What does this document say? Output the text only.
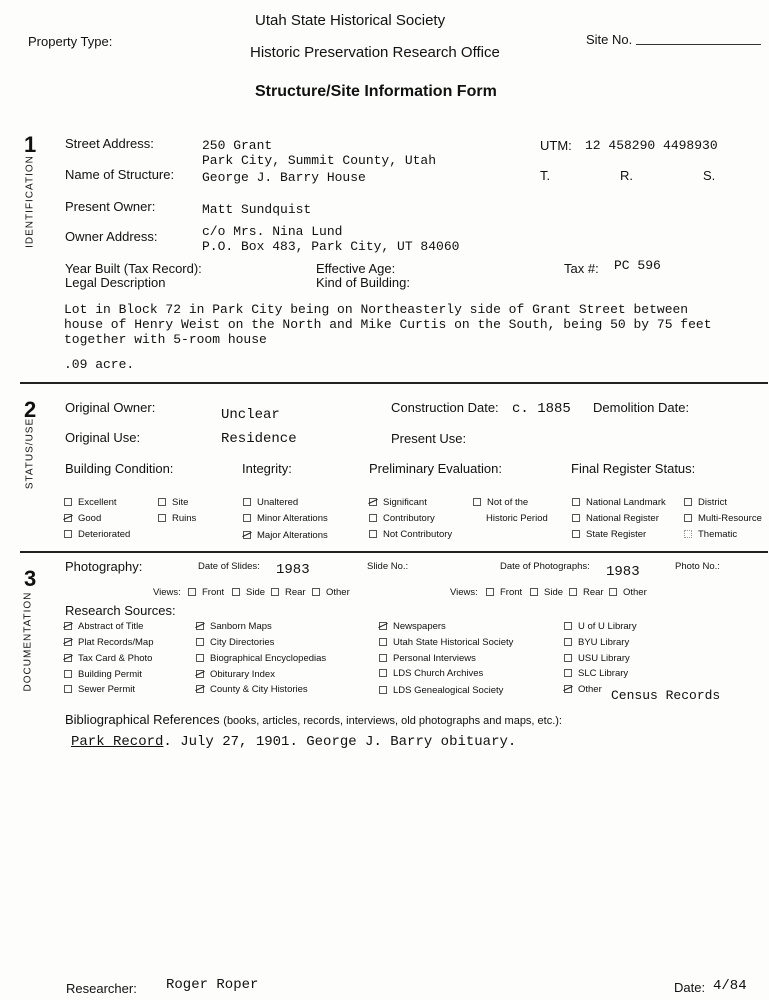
Utah State Historical Society
Historic Preservation Research Office
Property Type:	Site No.
Structure/Site Information Form
1
IDENTIFICATION
Street Address:	250 Grant
Park City, Summit County, Utah
UTM: 12 458290 4498930
Name of Structure: George J. Barry House	T.	R.	S.
Present Owner:	Matt Sundquist
Owner Address:	c/o Mrs. Nina Lund
P.O. Box 483, Park City, UT 84060
Year Built (Tax Record):	Effective Age:	Tax #: PC 596
Legal Description	Kind of Building:
Lot in Block 72 in Park City being on Northeasterly side of Grant Street between
house of Henry Weist on the North and Mike Curtis on the South, being 50 by 75 feet
together with 5-room house
.09 acre.
2
STATUS/USE
Original Owner:	Unclear	Construction Date: c. 1885 Demolition Date:
Original Use:	Residence	Present Use:
Building Condition:	Integrity:	Preliminary Evaluation:	Final Register Status:
Excellent
Good
Deteriorated
Site
Ruins
Unaltered
Minor Alterations
Major Alterations
Significant
Contributory
Not Contributory
Not of the
Historic Period
National Landmark
National Register
State Register
District
Multi-Resource
Thematic
3
DOCUMENTATION
Photography:	Date of Slides: 1983	Slide No.:	Date of Photographs: 1983	Photo No.:
Views:	Front	Side	Rear	Other	Views:	Front	Side	Rear	Other
Research Sources:
Abstract of Title
Plat Records/Map
Tax Card & Photo
Building Permit
Sewer Permit
Sanborn Maps
City Directories
Biographical Encyclopedias
Obiturary Index
County & City Histories
Newspapers
Utah State Historical Society
Personal Interviews
LDS Church Archives
LDS Genealogical Society
U of U Library
BYU Library
USU Library
SLC Library
Other Census Records
Bibliographical References (books, articles, records, interviews, old photographs and maps, etc.):
Park Record. July 27, 1901. George J. Barry obituary.
Researcher: Roger Roper	Date: 4/84
